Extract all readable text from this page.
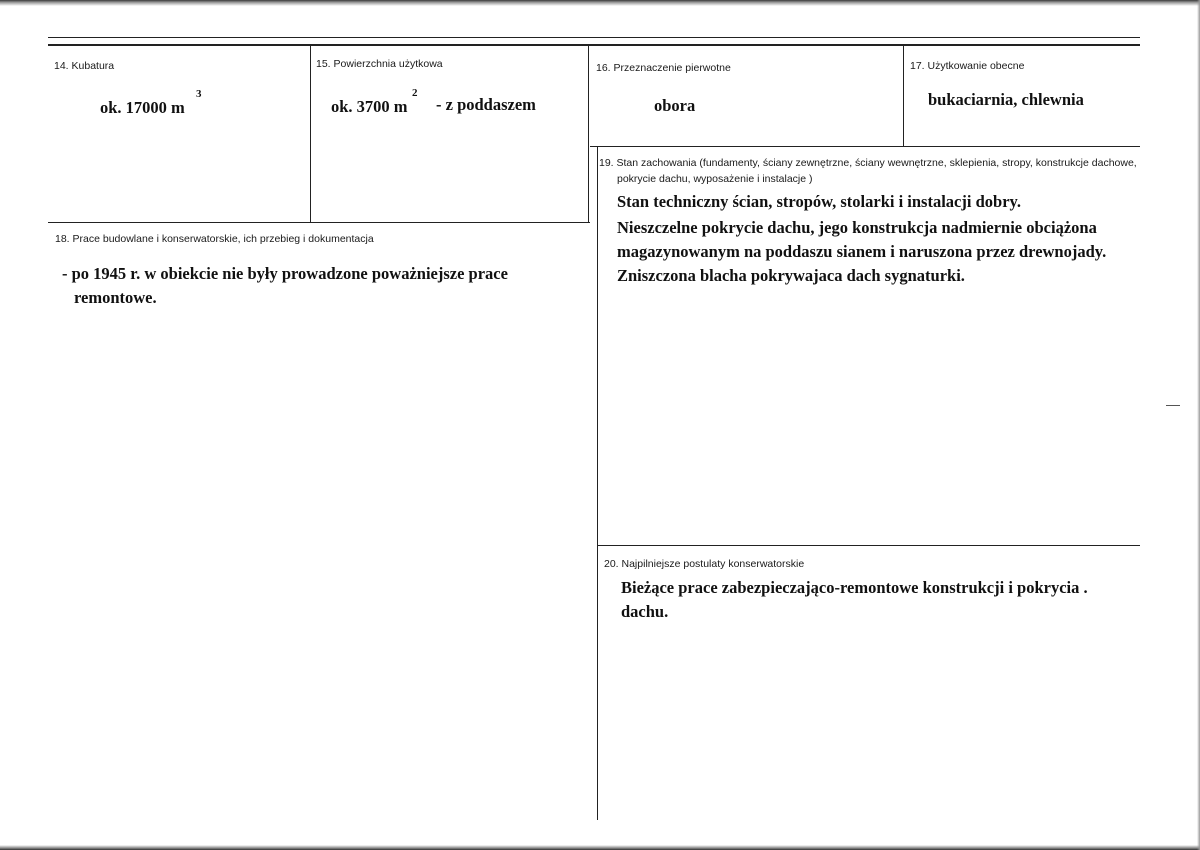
14. Kubatura
ok. 17000 m
3
15. Powierzchnia użytkowa
ok. 3700 m
2
- z poddaszem
16. Przeznaczenie pierwotne
obora
17. Użytkowanie obecne
bukaciarnia, chlewnia
18. Prace budowlane i konserwatorskie, ich przebieg i dokumentacja
- po 1945 r. w obiekcie nie były prowadzone poważniejsze prace remontowe.
19. Stan zachowania (fundamenty, ściany zewnętrzne, ściany wewnętrzne, sklepienia, stropy, konstrukcje dachowe, pokrycie dachu, wyposażenie i instalacje )
Stan techniczny ścian, stropów, stolarki i instalacji dobry.
Nieszczelne pokrycie dachu, jego konstrukcja nadmiernie obciążona magazynowanym na poddaszu sianem i naruszona przez drewnojady.
Zniszczona blacha pokrywajaca dach sygnaturki.
20. Najpilniejsze postulaty konserwatorskie
Bieżące prace zabezpieczająco-remontowe konstrukcji i pokrycia . dachu.
